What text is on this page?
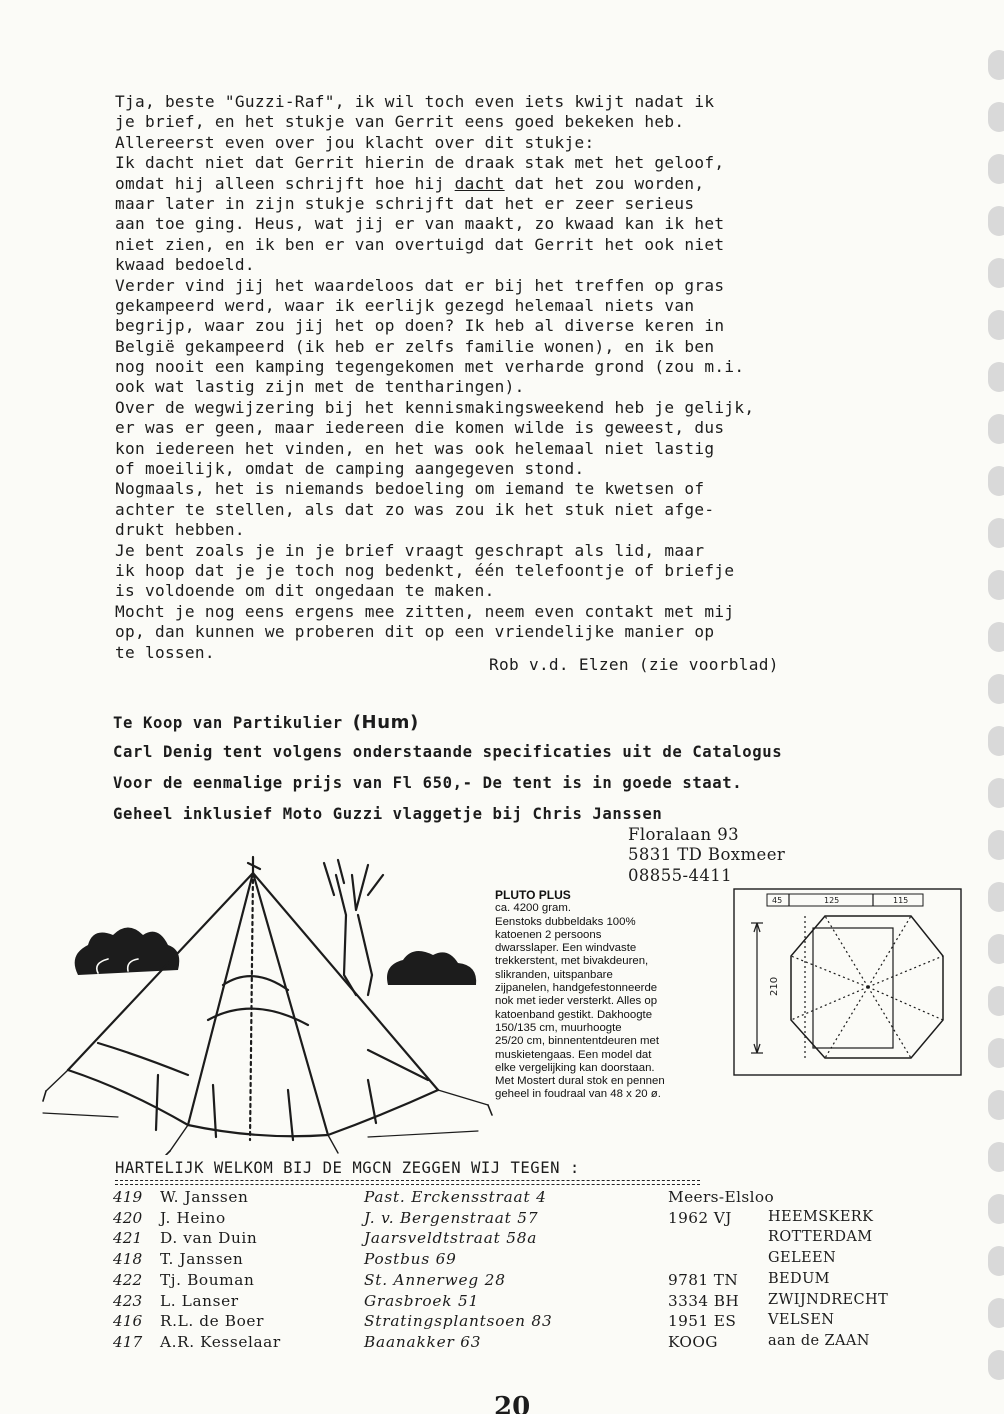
Tja, beste "Guzzi-Raf", ik wil toch even iets kwijt nadat ik
je brief, en het stukje van Gerrit eens goed bekeken heb.
Allereerst even over jou klacht over dit stukje:
Ik dacht niet dat Gerrit hierin de draak stak met het geloof,
omdat hij alleen schrijft hoe hij dacht dat het zou worden,
maar later in zijn stukje schrijft dat het er zeer serieus
aan toe ging. Heus, wat jij er van maakt, zo kwaad kan ik het
niet zien, en ik ben er van overtuigd dat Gerrit het ook niet
kwaad bedoeld.
Verder vind jij het waardeloos dat er bij het treffen op gras
gekampeerd werd, waar ik eerlijk gezegd helemaal niets van
begrijp, waar zou jij het op doen? Ik heb al diverse keren in
België gekampeerd (ik heb er zelfs familie wonen), en ik ben
nog nooit een kamping tegengekomen met verharde grond (zou m.i.
ook wat lastig zijn met de tentharingen).
Over de wegwijzering bij het kennismakingsweekend heb je gelijk,
er was er geen, maar iedereen die komen wilde is geweest, dus
kon iedereen het vinden, en het was ook helemaal niet lastig
of moeilijk, omdat de camping aangegeven stond.
Nogmaals, het is niemands bedoeling om iemand te kwetsen of
achter te stellen, als dat zo was zou ik het stuk niet afge-
drukt hebben.
Je bent zoals je in je brief vraagt geschrapt als lid, maar
ik hoop dat je je toch nog bedenkt, één telefoontje of briefje
is voldoende om dit ongedaan te maken.
Mocht je nog eens ergens mee zitten, neem even contakt met mij
op, dan kunnen we proberen dit op een vriendelijke manier op
te lossen.
Rob v.d. Elzen (zie voorblad)
Te Koop van Partikulier (Hum)
Carl Denig tent volgens onderstaande specificaties uit de Catalogus
Voor de eenmalige prijs van Fl 650,- De tent is in goede staat.
Geheel inklusief Moto Guzzi vlaggetje bij Chris Janssen
Floralaan 93
5831 TD Boxmeer
08855-4411
PLUTO PLUS
ca. 4200 gram.
Eenstoks dubbeldaks 100%
katoenen 2 persoons
dwarsslaper. Een windvaste
trekkerstent, met bivakdeuren,
slikranden, uitspanbare
zijpanelen, handgefestonneerde
nok met ieder versterkt. Alles op
katoenband gestikt. Dakhoogte
150/135 cm, muurhoogte
25/20 cm, binnententdeuren met
muskietengaas. Een model dat
elke vergelijking kan doorstaan.
Met Mostert dural stok en pennen
geheel in foudraal van 48 x 20 ø.
45	125	115
210
HARTELIJK WELKOM BIJ DE MGCN ZEGGEN WIJ TEGEN :
419 W. Janssen	Past. Erckensstraat 4	Meers-Elsloo
420 J. Heino	J. v. Bergenstraat 57	1962 VJ HEEMSKERK
421 D. van Duin	Jaarsveldtstraat 58a	ROTTERDAM
418 T. Janssen	Postbus 69	GELEEN
422 Tj. Bouman	St. Annerweg 28	9781 TN BEDUM
423 L. Lanser	Grasbroek 51	3334 BH ZWIJNDRECHT
416 R.L. de Boer	Stratingsplantsoen 83	1951 ES VELSEN
417 A.R. Kesselaar	Baanakker 63	KOOG	aan de ZAAN
20
